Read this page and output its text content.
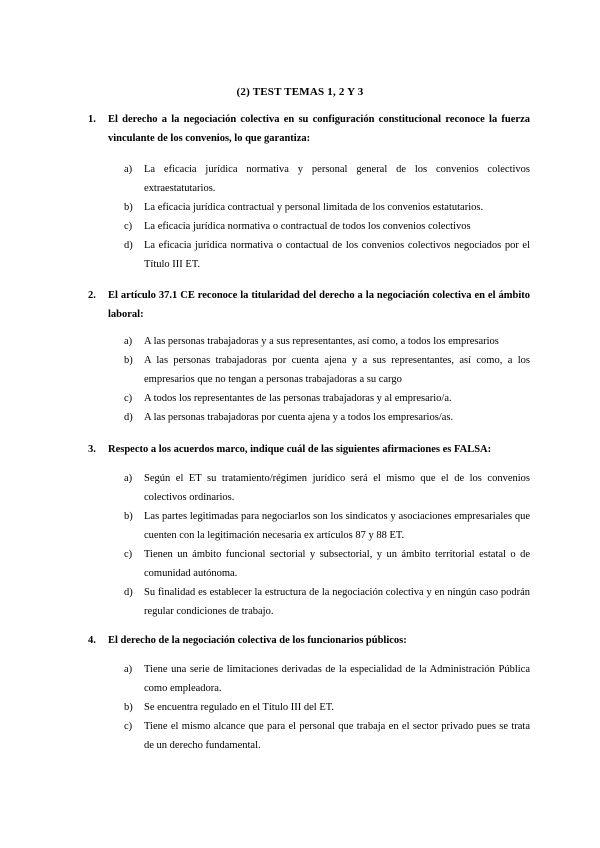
(2) TEST TEMAS 1, 2 Y 3
1. El derecho a la negociación colectiva en su configuración constitucional reconoce la fuerza vinculante de los convenios, lo que garantiza:
a) La eficacia jurídica normativa y personal general de los convenios colectivos extraestatutarios.
b) La eficacia jurídica contractual y personal limitada de los convenios estatutarios.
c) La eficacia jurídica normativa o contractual de todos los convenios colectivos
d) La eficacia jurídica normativa o contactual de los convenios colectivos negociados por el Título III ET.
2. El artículo 37.1 CE reconoce la titularidad del derecho a la negociación colectiva en el ámbito laboral:
a) A las personas trabajadoras y a sus representantes, así como, a todos los empresarios
b) A las personas trabajadoras por cuenta ajena y a sus representantes, así como, a los empresarios que no tengan a personas trabajadoras a su cargo
c) A todos los representantes de las personas trabajadoras y al empresario/a.
d) A las personas trabajadoras por cuenta ajena y a todos los empresarios/as.
3. Respecto a los acuerdos marco, indique cuál de las siguientes afirmaciones es FALSA:
a) Según el ET su tratamiento/régimen jurídico será el mismo que el de los convenios colectivos ordinarios.
b) Las partes legitimadas para negociarlos son los sindicatos y asociaciones empresariales que cuenten con la legitimación necesaria ex artículos 87 y 88 ET.
c) Tienen un ámbito funcional sectorial y subsectorial, y un ámbito territorial estatal o de comunidad autónoma.
d) Su finalidad es establecer la estructura de la negociación colectiva y en ningún caso podrán regular condiciones de trabajo.
4. El derecho de la negociación colectiva de los funcionarios públicos:
a) Tiene una serie de limitaciones derivadas de la especialidad de la Administración Pública como empleadora.
b) Se encuentra regulado en el Título III del ET.
c) Tiene el mismo alcance que para el personal que trabaja en el sector privado pues se trata de un derecho fundamental.
